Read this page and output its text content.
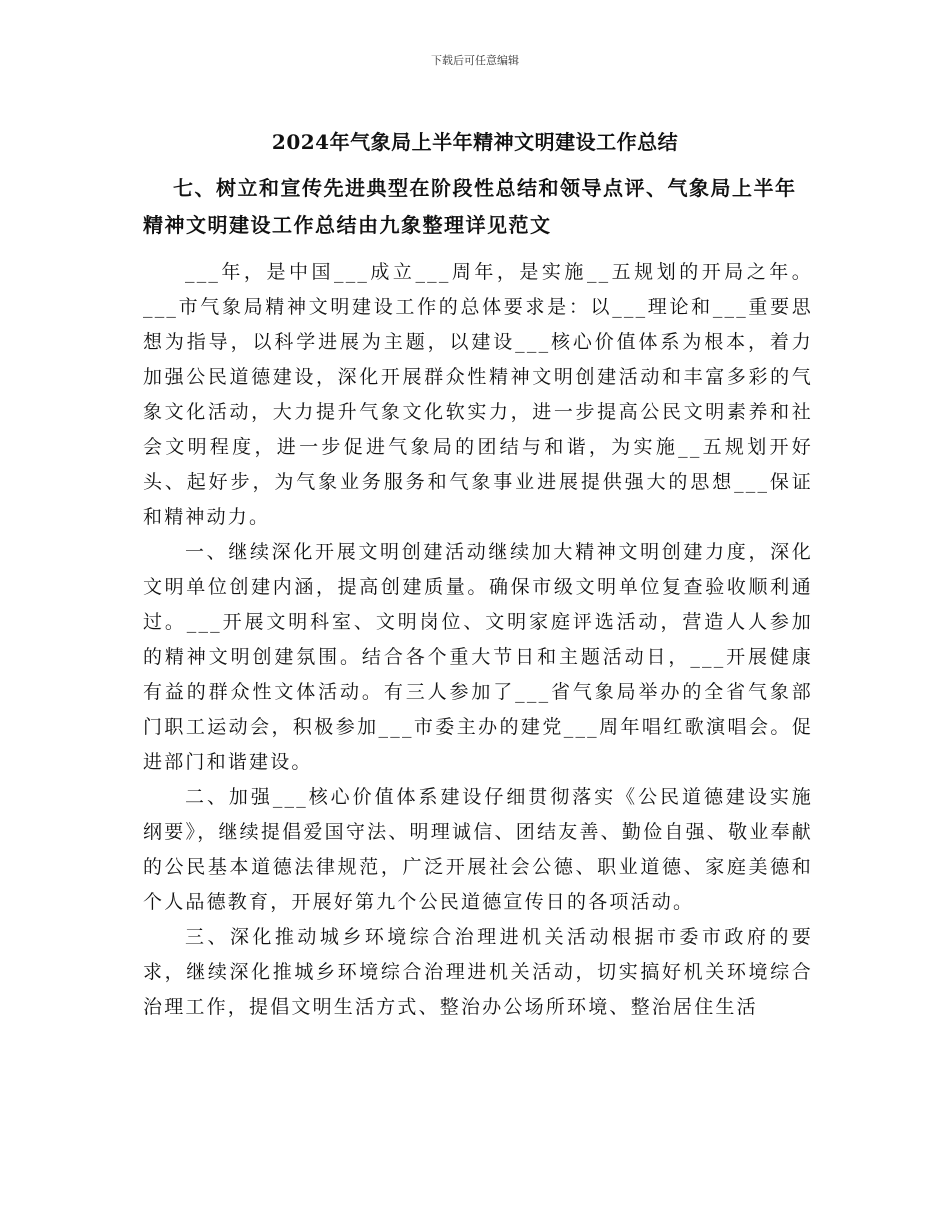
下载后可任意编辑
2024年气象局上半年精神文明建设工作总结
七、树立和宣传先进典型在阶段性总结和领导点评、气象局上半年精神文明建设工作总结由九象整理详见范文

___年，是中国___成立___周年，是实施__五规划的开局之年。___市气象局精神文明建设工作的总体要求是：以___理论和___重要思想为指导，以科学进展为主题，以建设___核心价值体系为根本，着力加强公民道德建设，深化开展群众性精神文明创建活动和丰富多彩的气象文化活动，大力提升气象文化软实力，进一步提高公民文明素养和社会文明程度，进一步促进气象局的团结与和谐，为实施__五规划开好头、起好步，为气象业务服务和气象事业进展提供强大的思想___保证和精神动力。

一、继续深化开展文明创建活动继续加大精神文明创建力度，深化文明单位创建内涵，提高创建质量。确保市级文明单位复查验收顺利通过。___开展文明科室、文明岗位、文明家庭评选活动，营造人人参加的精神文明创建氛围。结合各个重大节日和主题活动日，___开展健康有益的群众性文体活动。有三人参加了___省气象局举办的全省气象部门职工运动会，积极参加___市委主办的建党___周年唱红歌演唱会。促进部门和谐建设。

二、加强___核心价值体系建设仔细贯彻落实《公民道德建设实施纲要》，继续提倡爱国守法、明理诚信、团结友善、勤俭自强、敬业奉献的公民基本道德法律规范，广泛开展社会公德、职业道德、家庭美德和个人品德教育，开展好第九个公民道德宣传日的各项活动。

三、深化推动城乡环境综合治理进机关活动根据市委市政府的要求，继续深化推城乡环境综合治理进机关活动，切实搞好机关环境综合治理工作，提倡文明生活方式、整治办公场所环境、整治居住生活
